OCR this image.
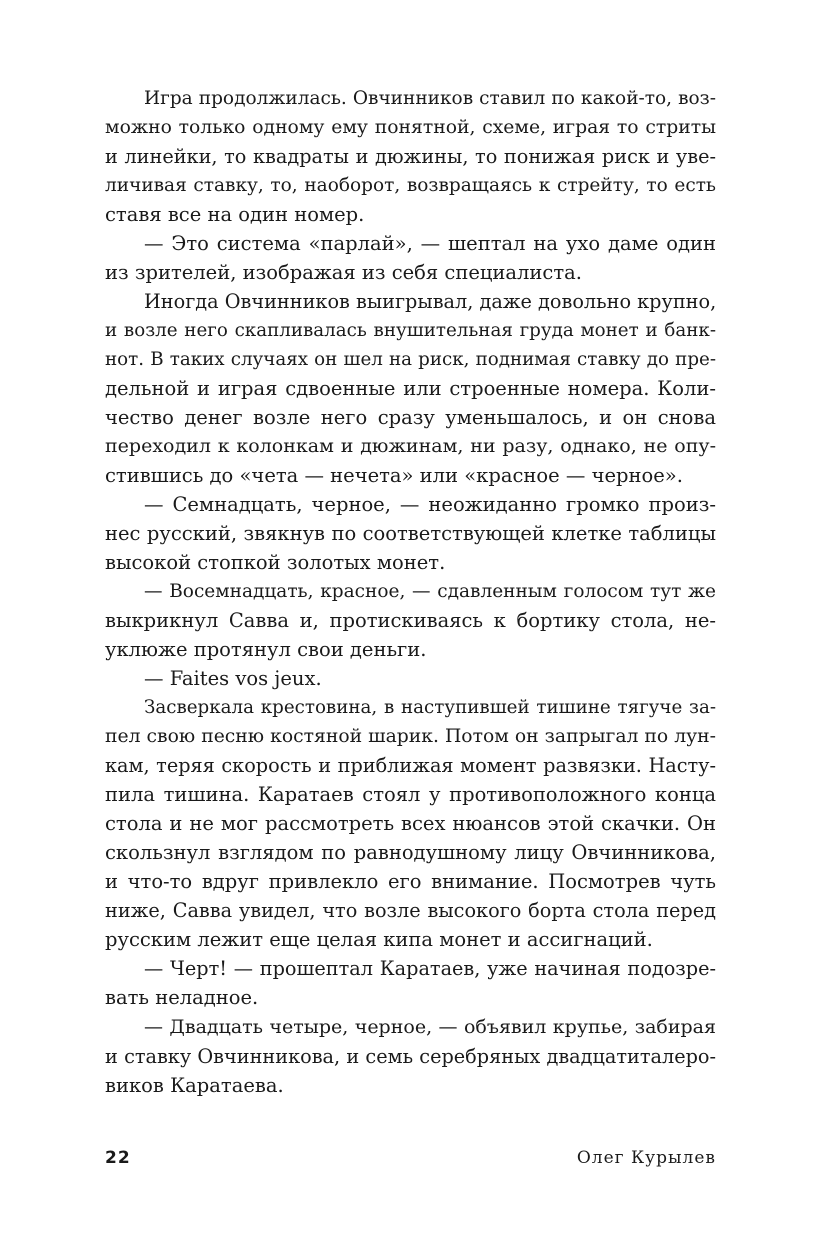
Игра продолжилась. Овчинников ставил по какой-то, воз-
можно только одному ему понятной, схеме, играя то стриты
и линейки, то квадраты и дюжины, то понижая риск и уве-
личивая ставку, то, наоборот, возвращаясь к стрейту, то есть
ставя все на один номер.
— Это система «парлай», — шептал на ухо даме один
из зрителей, изображая из себя специалиста.
Иногда Овчинников выигрывал, даже довольно крупно,
и возле него скапливалась внушительная груда монет и банк-
нот. В таких случаях он шел на риск, поднимая ставку до пре-
дельной и играя сдвоенные или строенные номера. Коли-
чество денег возле него сразу уменьшалось, и он снова
переходил к колонкам и дюжинам, ни разу, однако, не опу-
стившись до «чета — нечета» или «красное — черное».
— Семнадцать, черное, — неожиданно громко произ-
нес русский, звякнув по соответствующей клетке таблицы
высокой стопкой золотых монет.
— Восемнадцать, красное, — сдавленным голосом тут же
выкрикнул Савва и, протискиваясь к бортику стола, не-
уклюже протянул свои деньги.
— Faites vos jeux.
Засверкала крестовина, в наступившей тишине тягуче за-
пел свою песню костяной шарик. Потом он запрыгал по лун-
кам, теряя скорость и приближая момент развязки. Насту-
пила тишина. Каратаев стоял у противоположного конца
стола и не мог рассмотреть всех нюансов этой скачки. Он
скользнул взглядом по равнодушному лицу Овчинникова,
и что-то вдруг привлекло его внимание. Посмотрев чуть
ниже, Савва увидел, что возле высокого борта стола перед
русским лежит еще целая кипа монет и ассигнаций.
— Черт! — прошептал Каратаев, уже начиная подозре-
вать неладное.
— Двадцать четыре, черное, — объявил крупье, забирая
и ставку Овчинникова, и семь серебряных двадцатиталеро-
виков Каратаева.
22	Олег Курылев
